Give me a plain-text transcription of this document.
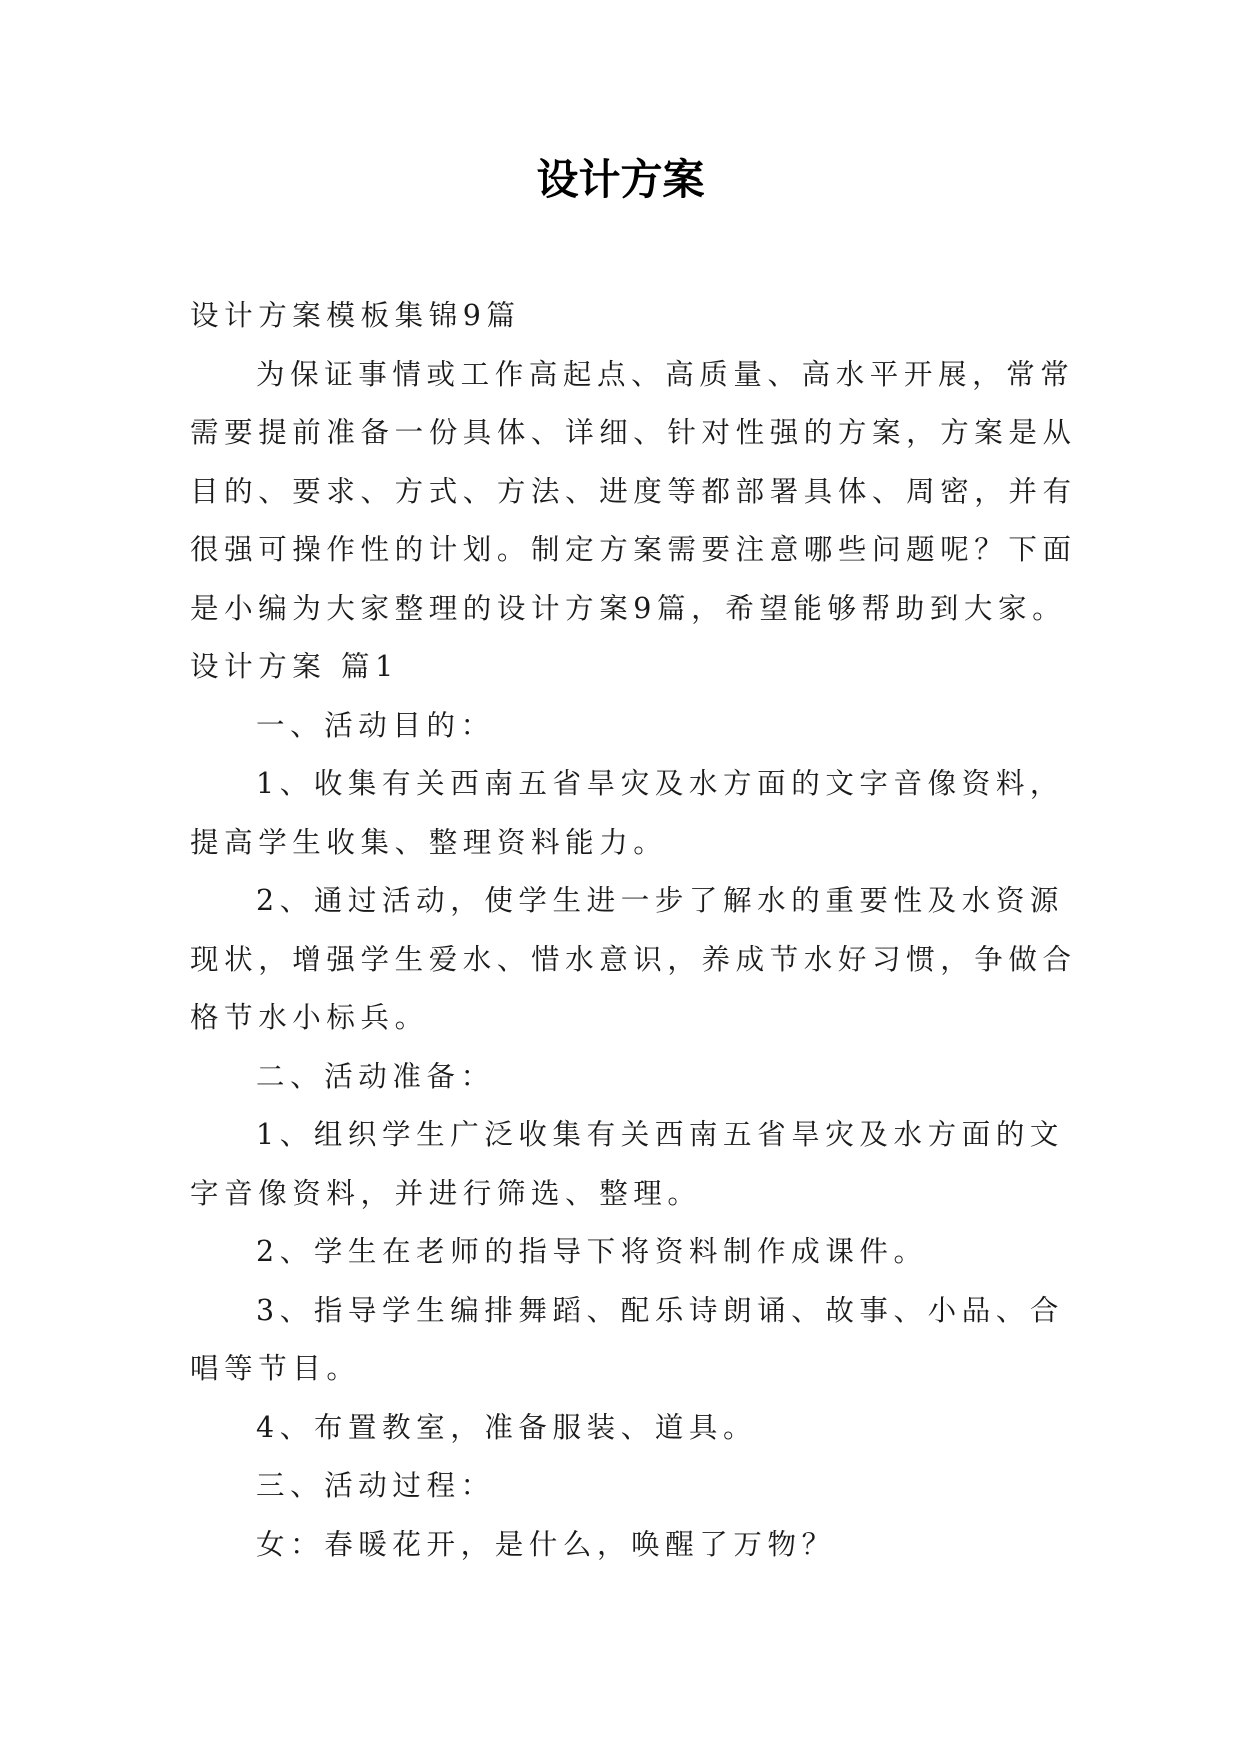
设计方案

设计方案模板集锦9篇

为保证事情或工作高起点、高质量、高水平开展，常常

需要提前准备一份具体、详细、针对性强的方案，方案是从

目的、要求、方式、方法、进度等都部署具体、周密，并有

很强可操作性的计划。制定方案需要注意哪些问题呢？下面

是小编为大家整理的设计方案9篇，希望能够帮助到大家。

设计方案 篇1

一、活动目的：

1、收集有关西南五省旱灾及水方面的文字音像资料，

提高学生收集、整理资料能力。

2、通过活动，使学生进一步了解水的重要性及水资源

现状，增强学生爱水、惜水意识，养成节水好习惯，争做合

格节水小标兵。

二、活动准备：

1、组织学生广泛收集有关西南五省旱灾及水方面的文

字音像资料，并进行筛选、整理。

2、学生在老师的指导下将资料制作成课件。

3、指导学生编排舞蹈、配乐诗朗诵、故事、小品、合

唱等节目。

4、布置教室，准备服装、道具。

三、活动过程：

女：春暖花开，是什么，唤醒了万物？
